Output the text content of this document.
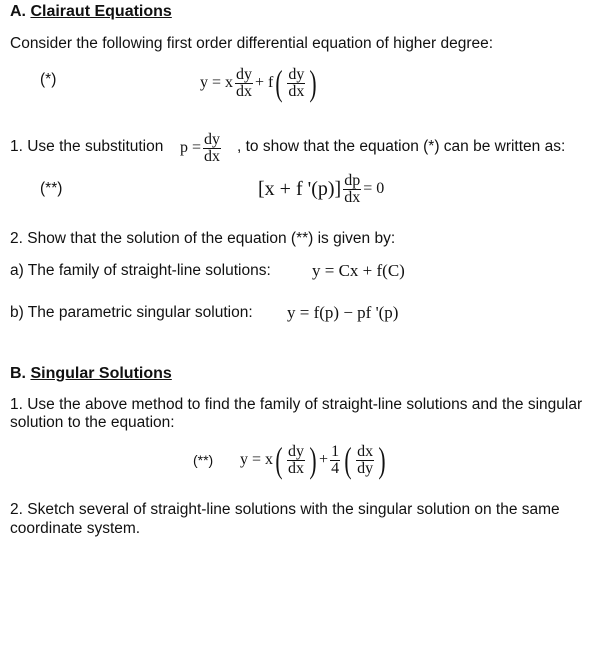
A. Clairaut Equations
Consider the following first order differential equation of higher degree:
(*)	y = x $\frac{dy}{dx} + f$ ( $\frac{dy}{dx}$ )
1. Use the substitution $p = \frac{dy}{dx}$ , to show that the equation (*) can be written as:
(**)	[x + f '$(p)] \frac{dp}{dx} = 0$
2. Show that the solution of the equation (**) is given by:
a) The family of straight-line solutions: y = Cx + f(C)
b) The parametric singular solution: y = f(p) − pf '(p)
B. Singular Solutions
1. Use the above method to find the family of straight-line solutions and the singular
solution to the equation:
(**) y = x ( $\frac{dy}{dx}$ ) + $\frac{1}{4}$ ( $\frac{dx}{dy}$ )
2. Sketch several of straight-line solutions with the singular solution on the same
coordinate system.
